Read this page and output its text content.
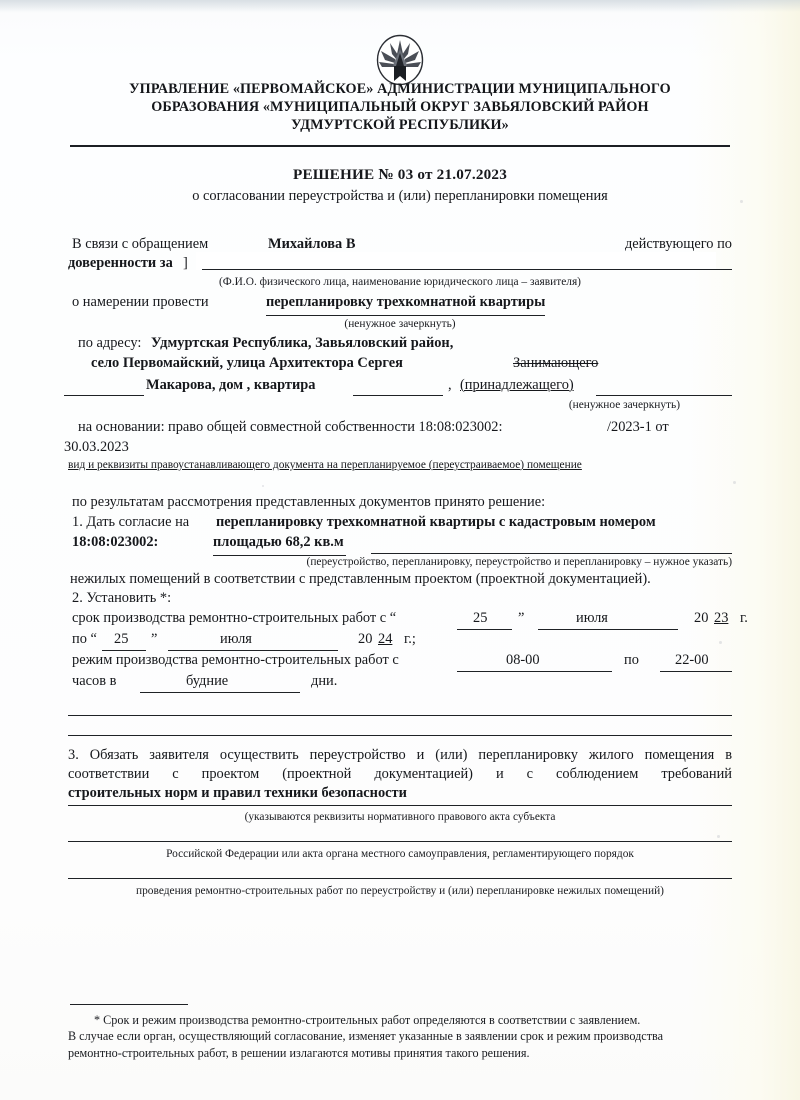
УПРАВЛЕНИЕ «ПЕРВОМАЙСКОЕ» АДМИНИСТРАЦИИ МУНИЦИПАЛЬНОГО
ОБРАЗОВАНИЯ «МУНИЦИПАЛЬНЫЙ ОКРУГ ЗАВЬЯЛОВСКИЙ РАЙОН
УДМУРТСКОЙ РЕСПУБЛИКИ»
РЕШЕНИЕ № 03 от 21.07.2023
о согласовании переустройства и (или) перепланировки помещения
В связи с обращением	Михайлова В	действующего по
доверенности за ]
(Ф.И.О. физического лица, наименование юридического лица – заявителя)
о намерении провести	перепланировку трехкомнатной квартиры
(ненужное зачеркнуть)
по адресу: Удмуртская Республика, Завьяловский район,
село Первомайский, улица Архитектора Сергея	Занимающего
Макарова, дом , квартира	, (принадлежащего)
(ненужное зачеркнуть)
на основании: право общей совместной собственности 18:08:023002:	/2023-1 от
30.03.2023
вид и реквизиты правоустанавливающего документа на перепланируемое (переустраиваемое) помещение
по результатам рассмотрения представленных документов принято решение:
1. Дать согласие на перепланировку трехкомнатной квартиры с кадастровым номером
18:08:023002:	площадью 68,2 кв.м
(переустройство, перепланировку, переустройство и перепланировку – нужное указать)
нежилых помещений в соответствии с представленным проектом (проектной документацией).
2. Установить *:
срок производства ремонтно-строительных работ с “	25 ”	июля	20 23 г.
по “ 25 ”	июля	20 24 г.;
режим производства ремонтно-строительных работ с	08-00	по	22-00
часов в	будние	дни.
3. Обязать заявителя осуществить переустройство и (или) перепланировку жилого помещения в
соответствии с проектом (проектной документацией) и с соблюдением требований
строительных норм и правил техники безопасности
(указываются реквизиты нормативного правового акта субъекта
Российской Федерации или акта органа местного самоуправления, регламентирующего порядок
проведения ремонтно-строительных работ по переустройству и (или) перепланировке нежилых помещений)
* Срок и режим производства ремонтно-строительных работ определяются в соответствии с заявлением.
В случае если орган, осуществляющий согласование, изменяет указанные в заявлении срок и режим производства
ремонтно-строительных работ, в решении излагаются мотивы принятия такого решения.
